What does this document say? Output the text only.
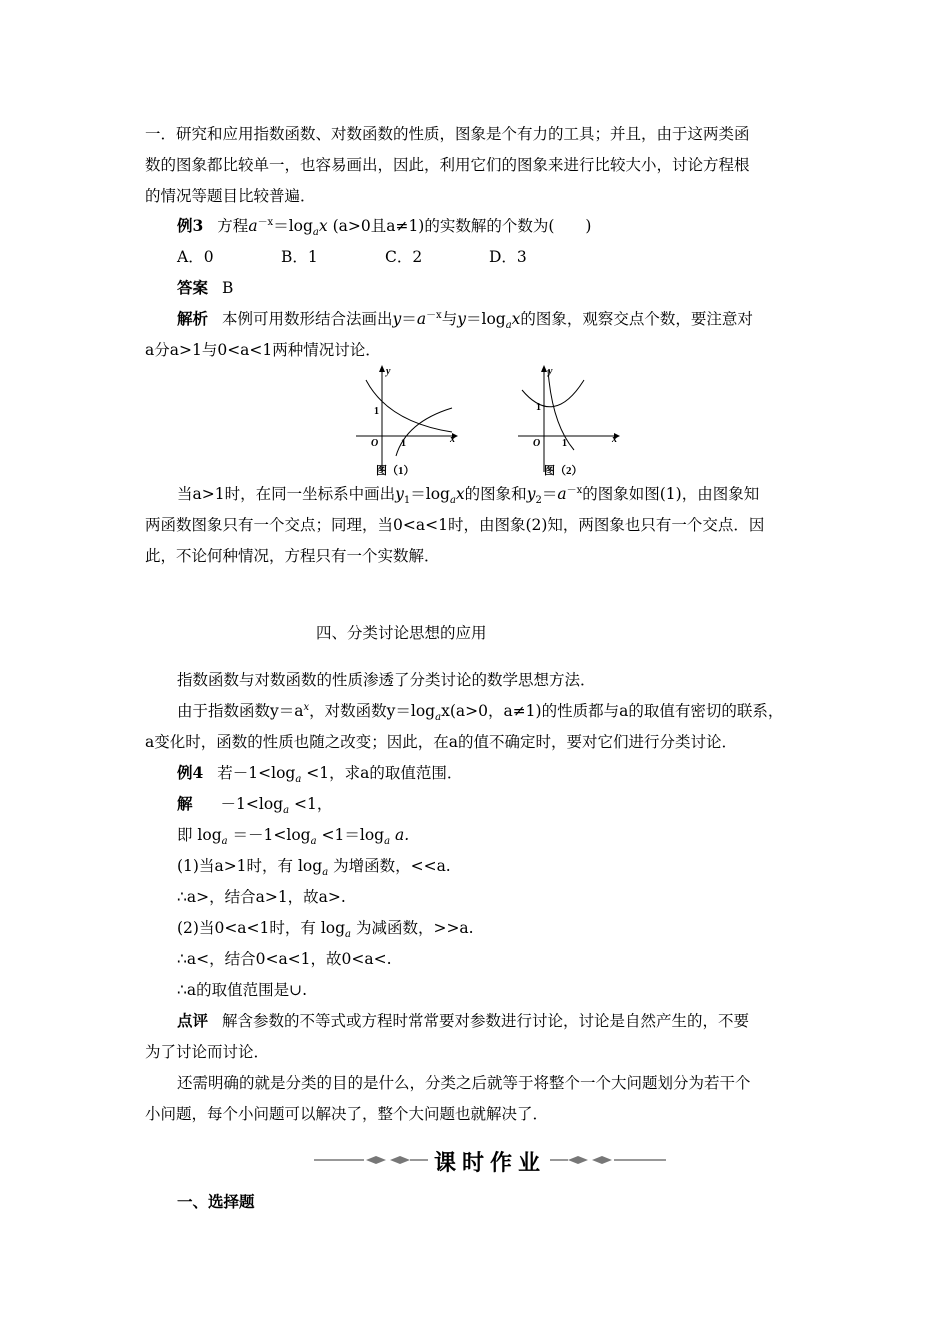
一．研究和应用指数函数、对数函数的性质，图象是个有力的工具；并且，由于这两类函
数的图象都比较单一，也容易画出，因此，利用它们的图象来进行比较大小，讨论方程根
的情况等题目比较普遍．
例3 方程$a^{-x}=\log_ax$ (a>0且a≠1)的实数解的个数为(　　)
A．0	B．1	C．2	D．3
答案 B
解析 本例可用数形结合法画出$y=a^{-x}$与$y=\log_ax$的图象，观察交点个数，要注意对
a分a>1与0<a<1两种情况讨论．
y
x
O
1
1
图（1）
y
x
O
1
1
图（2）
当a>1时，在同一坐标系中画出$y_1=\log_ax$的图象和$y_2=a^{-x}$的图象如图(1)，由图象知
两函数图象只有一个交点；同理，当0<a<1时，由图象(2)知，两图象也只有一个交点．因
此，不论何种情况，方程只有一个实数解．
四、分类讨论思想的应用
指数函数与对数函数的性质渗透了分类讨论的数学思想方法．
由于指数函数$y=a^x$，对数函数$y=\log_ax(a>0$，a≠1)的性质都与a的取值有密切的联系，
a变化时，函数的性质也随之改变；因此，在a的值不确定时，要对它们进行分类讨论．
例4 若$-1<\log_a <1$，求a的取值范围．
解 $-1<\log_a <1$，
即 $\log_a =-1<\log_a <1=\log_a$ a.
(1)当a>1时，有 $\log_a$ 为增函数，<<a.
∴a>，结合a>1，故a>.
(2)当0<a<1时，有 $\log_a$ 为减函数，>>a.
∴a<，结合0<a<1，故0<a<.
∴a的取值范围是∪.
点评 解含参数的不等式或方程时常常要对参数进行讨论，讨论是自然产生的，不要
为了讨论而讨论．
还需明确的就是分类的目的是什么，分类之后就等于将整个一个大问题划分为若干个
小问题，每个小问题可以解决了，整个大问题也就解决了．
课时作业
一、选择题
